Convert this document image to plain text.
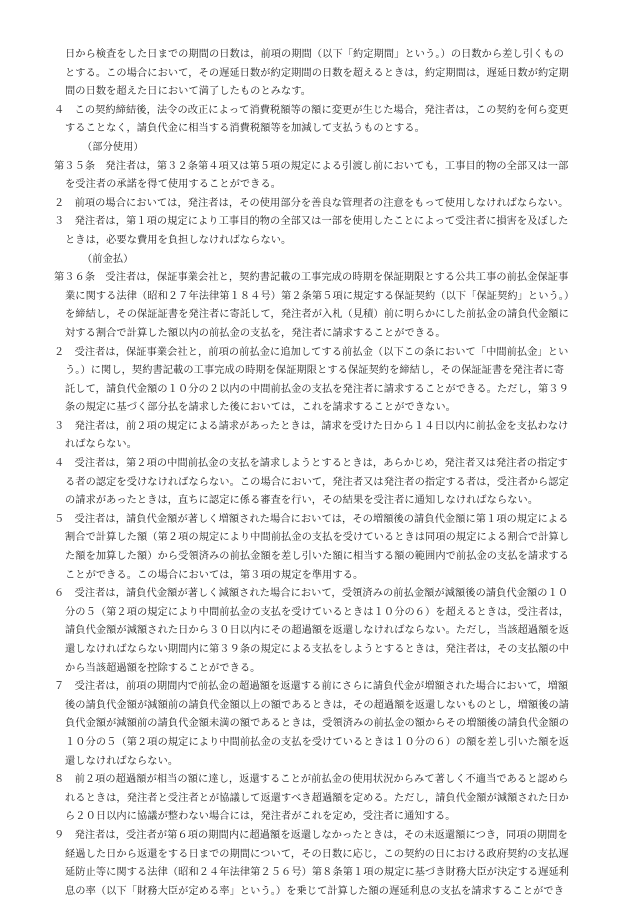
日から検査をした日までの期間の日数は，前項の期間（以下「約定期間」という。）の日数から差し引くもの
とする。この場合において，その遅延日数が約定期間の日数を超えるときは，約定期間は，遅延日数が約定期
間の日数を超えた日において満了したものとみなす。
４　この契約締結後，法令の改正によって消費税額等の額に変更が生じた場合，発注者は，この契約を何ら変更
することなく，請負代金に相当する消費税額等を加減して支払うものとする。
（部分使用）
第３５条　発注者は，第３２条第４項又は第５項の規定による引渡し前においても，工事目的物の全部又は一部
を受注者の承諾を得て使用することができる。
２　前項の場合においては，発注者は，その使用部分を善良な管理者の注意をもって使用しなければならない。
３　発注者は，第１項の規定により工事目的物の全部又は一部を使用したことによって受注者に損害を及ぼした
ときは，必要な費用を負担しなければならない。
（前金払）
第３６条　受注者は，保証事業会社と，契約書記載の工事完成の時期を保証期限とする公共工事の前払金保証事
業に関する法律（昭和２７年法律第１８４号）第２条第５項に規定する保証契約（以下「保証契約」という。）
を締結し，その保証証書を発注者に寄託して，発注者が入札（見積）前に明らかにした前払金の請負代金額に
対する割合で計算した額以内の前払金の支払を，発注者に請求することができる。
２　受注者は，保証事業会社と，前項の前払金に追加してする前払金（以下この条において「中間前払金」とい
う。）に関し，契約書記載の工事完成の時期を保証期限とする保証契約を締結し，その保証証書を発注者に寄
託して，請負代金額の１０分の２以内の中間前払金の支払を発注者に請求することができる。ただし，第３９
条の規定に基づく部分払を請求した後においては，これを請求することができない。
３　発注者は，前２項の規定による請求があったときは，請求を受けた日から１４日以内に前払金を支払わなけ
ればならない。
４　受注者は，第２項の中間前払金の支払を請求しようとするときは，あらかじめ，発注者又は発注者の指定す
る者の認定を受けなければならない。この場合において，発注者又は発注者の指定する者は，受注者から認定
の請求があったときは，直ちに認定に係る審査を行い，その結果を受注者に通知しなければならない。
５　受注者は，請負代金額が著しく増額された場合においては，その増額後の請負代金額に第１項の規定による
割合で計算した額（第２項の規定により中間前払金の支払を受けているときは同項の規定による割合で計算し
た額を加算した額）から受領済みの前払金額を差し引いた額に相当する額の範囲内で前払金の支払を請求する
ことができる。この場合においては，第３項の規定を準用する。
６　受注者は，請負代金額が著しく減額された場合において，受領済みの前払金額が減額後の請負代金額の１０
分の５（第２項の規定により中間前払金の支払を受けているときは１０分の６）を超えるときは，受注者は，
請負代金額が減額された日から３０日以内にその超過額を返還しなければならない。ただし，当該超過額を返
還しなければならない期間内に第３９条の規定による支払をしようとするときは，発注者は，その支払額の中
から当該超過額を控除することができる。
７　受注者は，前項の期間内で前払金の超過額を返還する前にさらに請負代金が増額された場合において，増額
後の請負代金額が減額前の請負代金額以上の額であるときは，その超過額を返還しないものとし，増額後の請
負代金額が減額前の請負代金額未満の額であるときは，受領済みの前払金の額からその増額後の請負代金額の
１０分の５（第２項の規定により中間前払金の支払を受けているときは１０分の６）の額を差し引いた額を返
還しなければならない。
８　前２項の超過額が相当の額に達し，返還することが前払金の使用状況からみて著しく不適当であると認めら
れるときは，発注者と受注者とが協議して返還すべき超過額を定める。ただし，請負代金額が減額された日か
ら２０日以内に協議が整わない場合には，発注者がこれを定め，受注者に通知する。
９　発注者は，受注者が第６項の期間内に超過額を返還しなかったときは，その未返還額につき，同項の期間を
経過した日から返還をする日までの期間について，その日数に応じ，この契約の日における政府契約の支払遅
延防止等に関する法律（昭和２４年法律第２５６号）第８条第１項の規定に基づき財務大臣が決定する遅延利
息の率（以下「財務大臣が定める率」という。）を乗じて計算した額の遅延利息の支払を請求することができ
